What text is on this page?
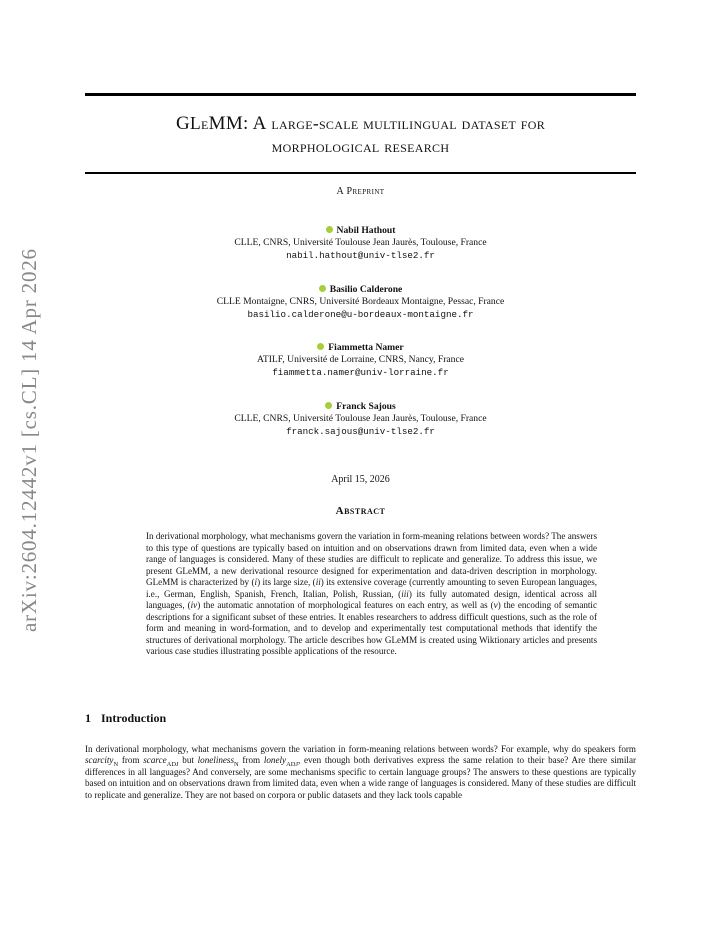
arXiv:2604.12442v1 [cs.CL] 14 Apr 2026
GLeMM: A large-scale multilingual dataset for
morphological research
A Preprint
Nabil Hathout
CLLE, CNRS, Université Toulouse Jean Jaurès, Toulouse, France
nabil.hathout@univ-tlse2.fr
Basilio Calderone
CLLE Montaigne, CNRS, Université Bordeaux Montaigne, Pessac, France
basilio.calderone@u-bordeaux-montaigne.fr
Fiammetta Namer
ATILF, Université de Lorraine, CNRS, Nancy, France
fiammetta.namer@univ-lorraine.fr
Franck Sajous
CLLE, CNRS, Université Toulouse Jean Jaurès, Toulouse, France
franck.sajous@univ-tlse2.fr
April 15, 2026
Abstract
In derivational morphology, what mechanisms govern the variation in form-meaning relations between words? The answers to this type of questions are typically based on intuition and on observations drawn from limited data, even when a wide range of languages is considered. Many of these studies are difficult to replicate and generalize. To address this issue, we present GLeMM, a new derivational resource designed for experimentation and data-driven description in morphology. GLeMM is characterized by (i) its large size, (ii) its extensive coverage (currently amounting to seven European languages, i.e., German, English, Spanish, French, Italian, Polish, Russian, (iii) its fully automated design, identical across all languages, (iv) the automatic annotation of morphological features on each entry, as well as (v) the encoding of semantic descriptions for a significant subset of these entries. It enables researchers to address difficult questions, such as the role of form and meaning in word-formation, and to develop and experimentally test computational methods that identify the structures of derivational morphology. The article describes how GLeMM is created using Wiktionary articles and presents various case studies illustrating possible applications of the resource.
1 Introduction
In derivational morphology, what mechanisms govern the variation in form-meaning relations between words? For example, why do speakers form scarcity$_N$ from scarce$_{ADJ}$ but loneliness$_N$ from lonely$_{ADJ}$, even though both derivatives express the same relation to their base? Are there similar differences in all languages? And conversely, are some mechanisms specific to certain language groups? The answers to these questions are typically based on intuition and on observations drawn from limited data, even when a wide range of languages is considered. Many of these studies are difficult to replicate and generalize. They are not based on corpora or public datasets and they lack tools capable
